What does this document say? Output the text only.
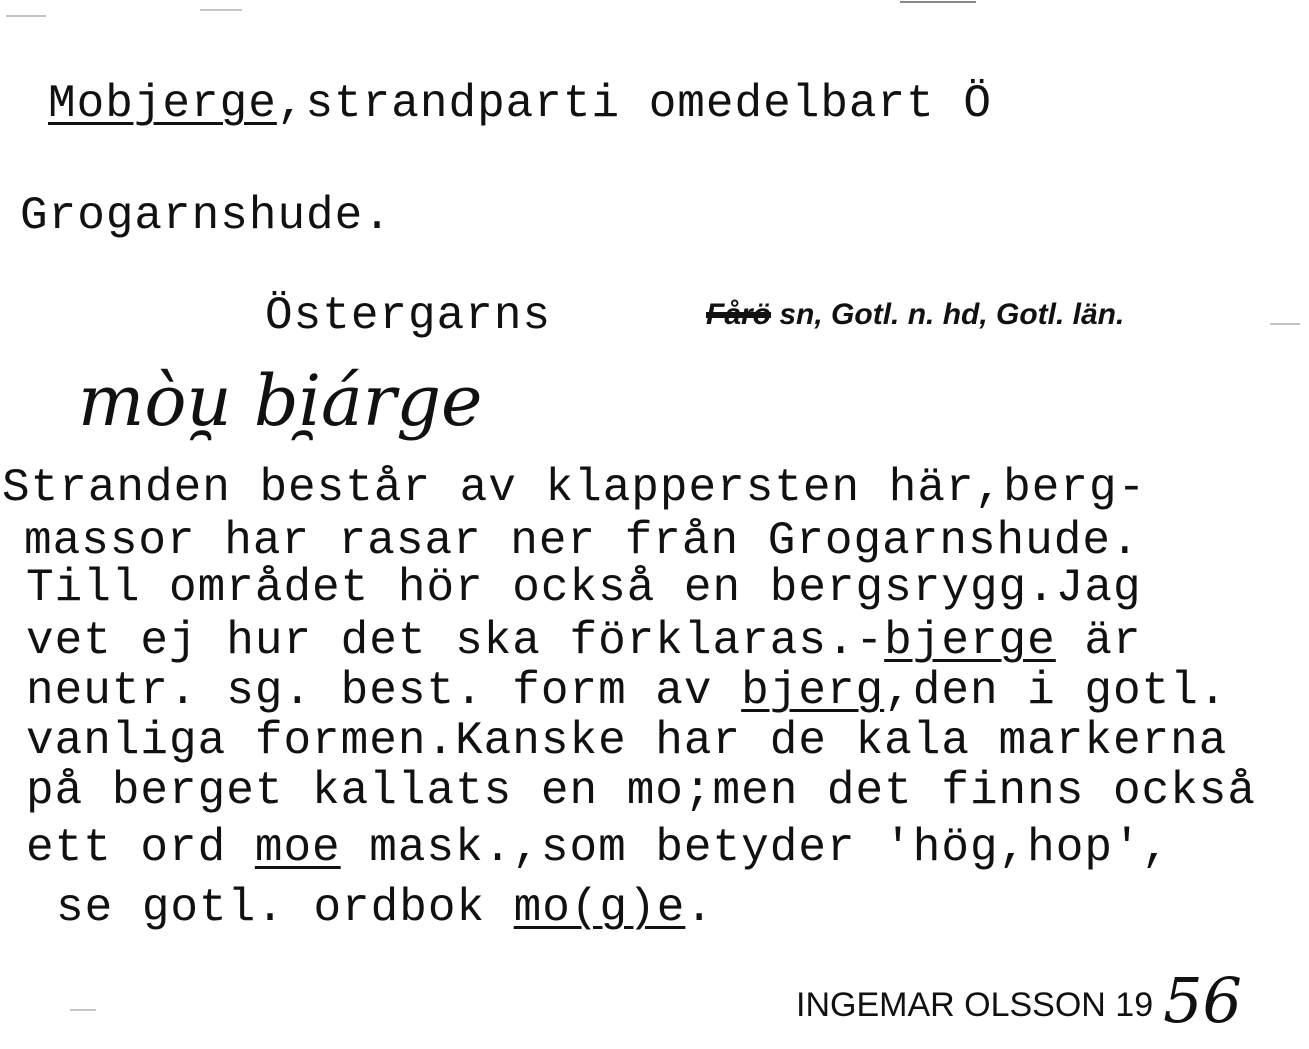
Mobjerge,strandparti omedelbart Ö
Grogarnshude.
Östergarns	Fårö sn, Gotl. n. hd, Gotl. län.
mòu̯ bi̯árge
Stranden består av klappersten här,berg-
massor har rasar ner från Grogarnshude.
Till området hör också en bergsrygg.Jag
vet ej hur det ska förklaras.-bjerge är
neutr. sg. best. form av bjerg,den i gotl.
vanliga formen.Kanske har de kala markerna
på berget kallats en mo;men det finns också
ett ord moe mask.,som betyder 'hög,hop',
se gotl. ordbok mo(g)e.
INGEMAR OLSSON 19 56
